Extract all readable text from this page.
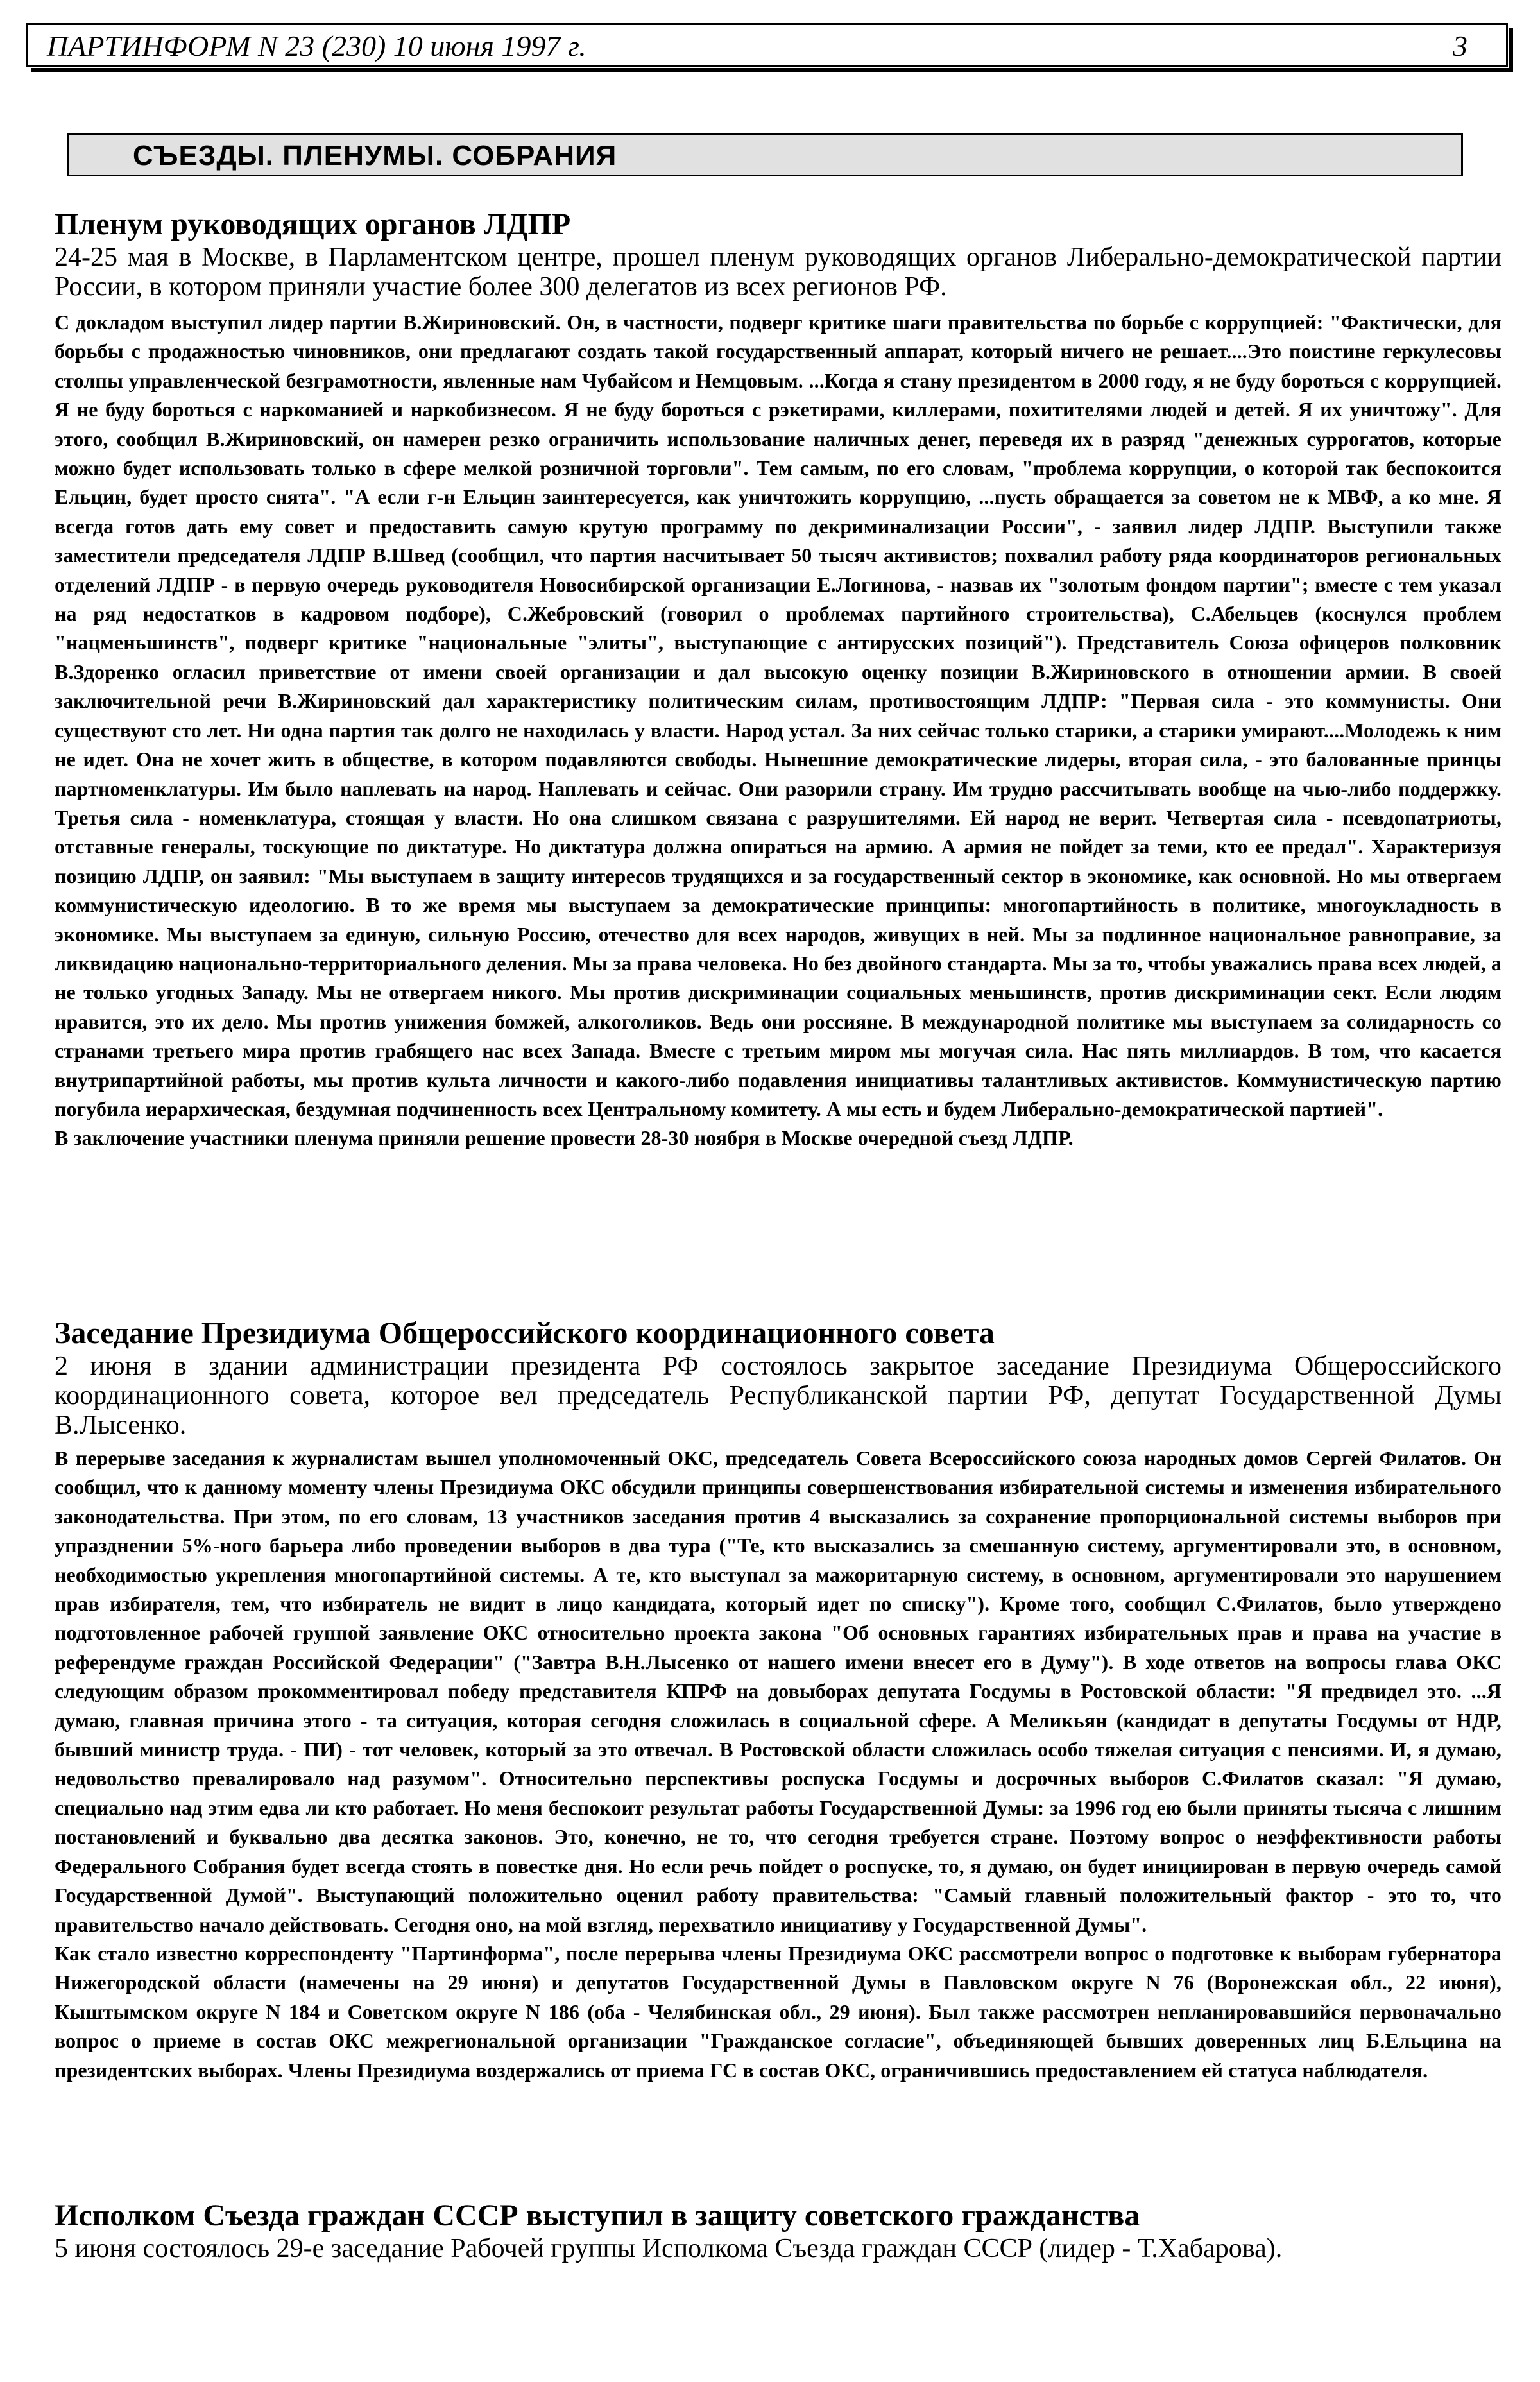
ПАРТИНФОРМ N 23 (230) 10 июня 1997 г.	3
СЪЕЗДЫ. ПЛЕНУМЫ. СОБРАНИЯ
Пленум руководящих органов ЛДПР

24-25 мая в Москве, в Парламентском центре, прошел пленум руководящих органов Либерально-демократической партии России, в котором приняли участие более 300 делегатов из всех регионов РФ.

С докладом выступил лидер партии В.Жириновский. Он, в частности, подверг критике шаги правительства по борьбе с коррупцией: "Фактически, для борьбы с продажностью чиновников, они предлагают создать такой государственный аппарат, который ничего не решает....Это поистине геркулесовы столпы управленческой безграмотности, явленные нам Чубайсом и Немцовым. ...Когда я стану президентом в 2000 году, я не буду бороться с коррупцией. Я не буду бороться с наркоманией и наркобизнесом. Я не буду бороться с рэкетирами, киллерами, похитителями людей и детей. Я их уничтожу". Для этого, сообщил В.Жириновский, он намерен резко ограничить использование наличных денег, переведя их в разряд "денежных суррогатов, которые можно будет использовать только в сфере мелкой розничной торговли". Тем самым, по его словам, "проблема коррупции, о которой так беспокоится Ельцин, будет просто снята". "А если г-н Ельцин заинтересуется, как уничтожить коррупцию, ...пусть обращается за советом не к МВФ, а ко мне. Я всегда готов дать ему совет и предоставить самую крутую программу по декриминализации России", - заявил лидер ЛДПР. Выступили также заместители председателя ЛДПР В.Швед (сообщил, что партия насчитывает 50 тысяч активистов; похвалил работу ряда координаторов региональных отделений ЛДПР - в первую очередь руководителя Новосибирской организации Е.Логинова, - назвав их "золотым фондом партии"; вместе с тем указал на ряд недостатков в кадровом подборе), С.Жебровский (говорил о проблемах партийного строительства), С.Абельцев (коснулся проблем "нацменьшинств", подверг критике "национальные "элиты", выступающие с антирусских позиций"). Представитель Союза офицеров полковник В.Здоренко огласил приветствие от имени своей организации и дал высокую оценку позиции В.Жириновского в отношении армии. В своей заключительной речи В.Жириновский дал характеристику политическим силам, противостоящим ЛДПР: "Первая сила - это коммунисты. Они существуют сто лет. Ни одна партия так долго не находилась у власти. Народ устал. За них сейчас только старики, а старики умирают....Молодежь к ним не идет. Она не хочет жить в обществе, в котором подавляются свободы. Нынешние демократические лидеры, вторая сила, - это балованные принцы партноменклатуры. Им было наплевать на народ. Наплевать и сейчас. Они разорили страну. Им трудно рассчитывать вообще на чью-либо поддержку. Третья сила - номенклатура, стоящая у власти. Но она слишком связана с разрушителями. Ей народ не верит. Четвертая сила - псевдопатриоты, отставные генералы, тоскующие по диктатуре. Но диктатура должна опираться на армию. А армия не пойдет за теми, кто ее предал". Характеризуя позицию ЛДПР, он заявил: "Мы выступаем в защиту интересов трудящихся и за государственный сектор в экономике, как основной. Но мы отвергаем коммунистическую идеологию. В то же время мы выступаем за демократические принципы: многопартийность в политике, многоукладность в экономике. Мы выступаем за единую, сильную Россию, отечество для всех народов, живущих в ней. Мы за подлинное национальное равноправие, за ликвидацию национально-территориального деления. Мы за права человека. Но без двойного стандарта. Мы за то, чтобы уважались права всех людей, а не только угодных Западу. Мы не отвергаем никого. Мы против дискриминации социальных меньшинств, против дискриминации сект. Если людям нравится, это их дело. Мы против унижения бомжей, алкоголиков. Ведь они россияне. В международной политике мы выступаем за солидарность со странами третьего мира против грабящего нас всех Запада. Вместе с третьим миром мы могучая сила. Нас пять миллиардов. В том, что касается внутрипартийной работы, мы против культа личности и какого-либо подавления инициативы талантливых активистов. Коммунистическую партию погубила иерархическая, бездумная подчиненность всех Центральному комитету. А мы есть и будем Либерально-демократической партией".

В заключение участники пленума приняли решение провести 28-30 ноября в Москве очередной съезд ЛДПР.

Заседание Президиума Общероссийского координационного совета

2 июня в здании администрации президента РФ состоялось закрытое заседание Президиума Общероссийского координационного совета, которое вел председатель Республиканской партии РФ, депутат Государственной Думы В.Лысенко.

В перерыве заседания к журналистам вышел уполномоченный ОКС, председатель Совета Всероссийского союза народных домов Сергей Филатов. Он сообщил, что к данному моменту члены Президиума ОКС обсудили принципы совершенствования избирательной системы и изменения избирательного законодательства. При этом, по его словам, 13 участников заседания против 4 высказались за сохранение пропорциональной системы выборов при упразднении 5%-ного барьера либо проведении выборов в два тура ("Те, кто высказались за смешанную систему, аргументировали это, в основном, необходимостью укрепления многопартийной системы. А те, кто выступал за мажоритарную систему, в основном, аргументировали это нарушением прав избирателя, тем, что избиратель не видит в лицо кандидата, который идет по списку"). Кроме того, сообщил С.Филатов, было утверждено подготовленное рабочей группой заявление ОКС относительно проекта закона "Об основных гарантиях избирательных прав и права на участие в референдуме граждан Российской Федерации" ("Завтра В.Н.Лысенко от нашего имени внесет его в Думу"). В ходе ответов на вопросы глава ОКС следующим образом прокомментировал победу представителя КПРФ на довыборах депутата Госдумы в Ростовской области: "Я предвидел это. ...Я думаю, главная причина этого - та ситуация, которая сегодня сложилась в социальной сфере. А Меликьян (кандидат в депутаты Госдумы от НДР, бывший министр труда. - ПИ) - тот человек, который за это отвечал. В Ростовской области сложилась особо тяжелая ситуация с пенсиями. И, я думаю, недовольство превалировало над разумом". Относительно перспективы роспуска Госдумы и досрочных выборов С.Филатов сказал: "Я думаю, специально над этим едва ли кто работает. Но меня беспокоит результат работы Государственной Думы: за 1996 год ею были приняты тысяча с лишним постановлений и буквально два десятка законов. Это, конечно, не то, что сегодня требуется стране. Поэтому вопрос о неэффективности работы Федерального Собрания будет всегда стоять в повестке дня. Но если речь пойдет о роспуске, то, я думаю, он будет инициирован в первую очередь самой Государственной Думой". Выступающий положительно оценил работу правительства: "Самый главный положительный фактор - это то, что правительство начало действовать. Сегодня оно, на мой взгляд, перехватило инициативу у Государственной Думы".

Как стало известно корреспонденту "Партинформа", после перерыва члены Президиума ОКС рассмотрели вопрос о подготовке к выборам губернатора Нижегородской области (намечены на 29 июня) и депутатов Государственной Думы в Павловском округе N 76 (Воронежская обл., 22 июня), Кыштымском округе N 184 и Советском округе N 186 (оба - Челябинская обл., 29 июня). Был также рассмотрен непланировавшийся первоначально вопрос о приеме в состав ОКС межрегиональной организации "Гражданское согласие", объединяющей бывших доверенных лиц Б.Ельцина на президентских выборах. Члены Президиума воздержались от приема ГС в состав ОКС, ограничившись предоставлением ей статуса наблюдателя.

Исполком Съезда граждан СССР выступил в защиту советского гражданства

5 июня состоялось 29-е заседание Рабочей группы Исполкома Съезда граждан СССР (лидер - Т.Хабарова).
